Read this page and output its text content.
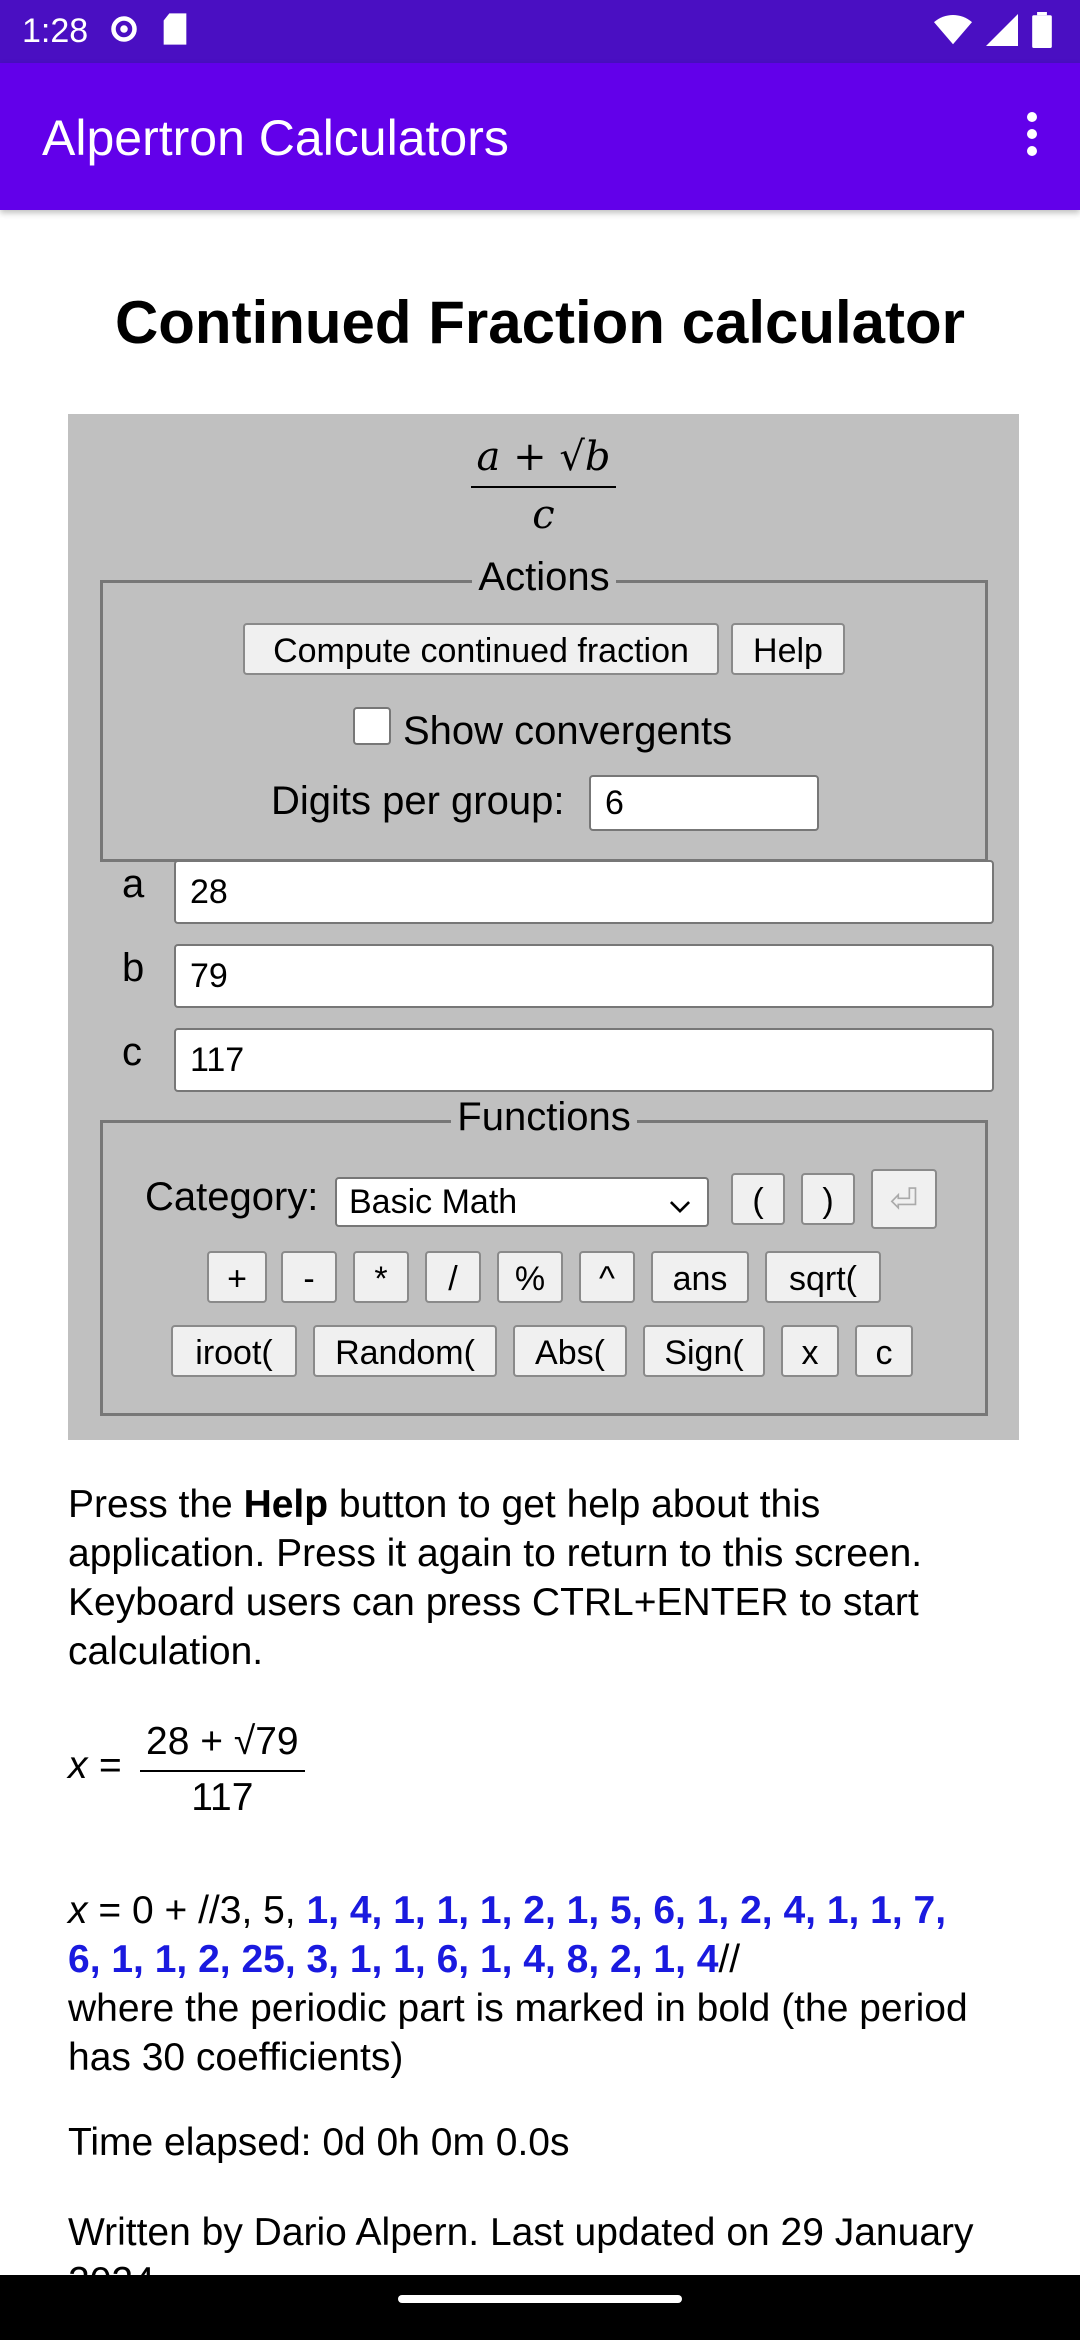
1:28
Alpertron Calculators
Continued Fraction calculator
$\frac{a + √b}{c}$
Actions
Compute continued fraction	Help
Show convergents
Digits per group:	6
a	28
b	79
c	117
Functions
Category: Basic Math	(	)	⏎
+	-	*	/	%	^	ans	sqrt(
iroot(	Random(	Abs(	Sign(	x	c
Press the Help button to get help about this application. Press it again to return to this screen. Keyboard users can press CTRL+ENTER to start calculation.
$x = \frac{28 + √79}{117}$
x = 0 + //3, 5, 1, 4, 1, 1, 1, 2, 1, 5, 6, 1, 2, 4, 1, 1, 7,
6, 1, 1, 2, 25, 3, 1, 1, 6, 1, 4, 8, 2, 1, 4//
where the periodic part is marked in bold (the period has 30 coefficients)
Time elapsed: 0d 0h 0m 0.0s
Written by Dario Alpern. Last updated on 29 January
